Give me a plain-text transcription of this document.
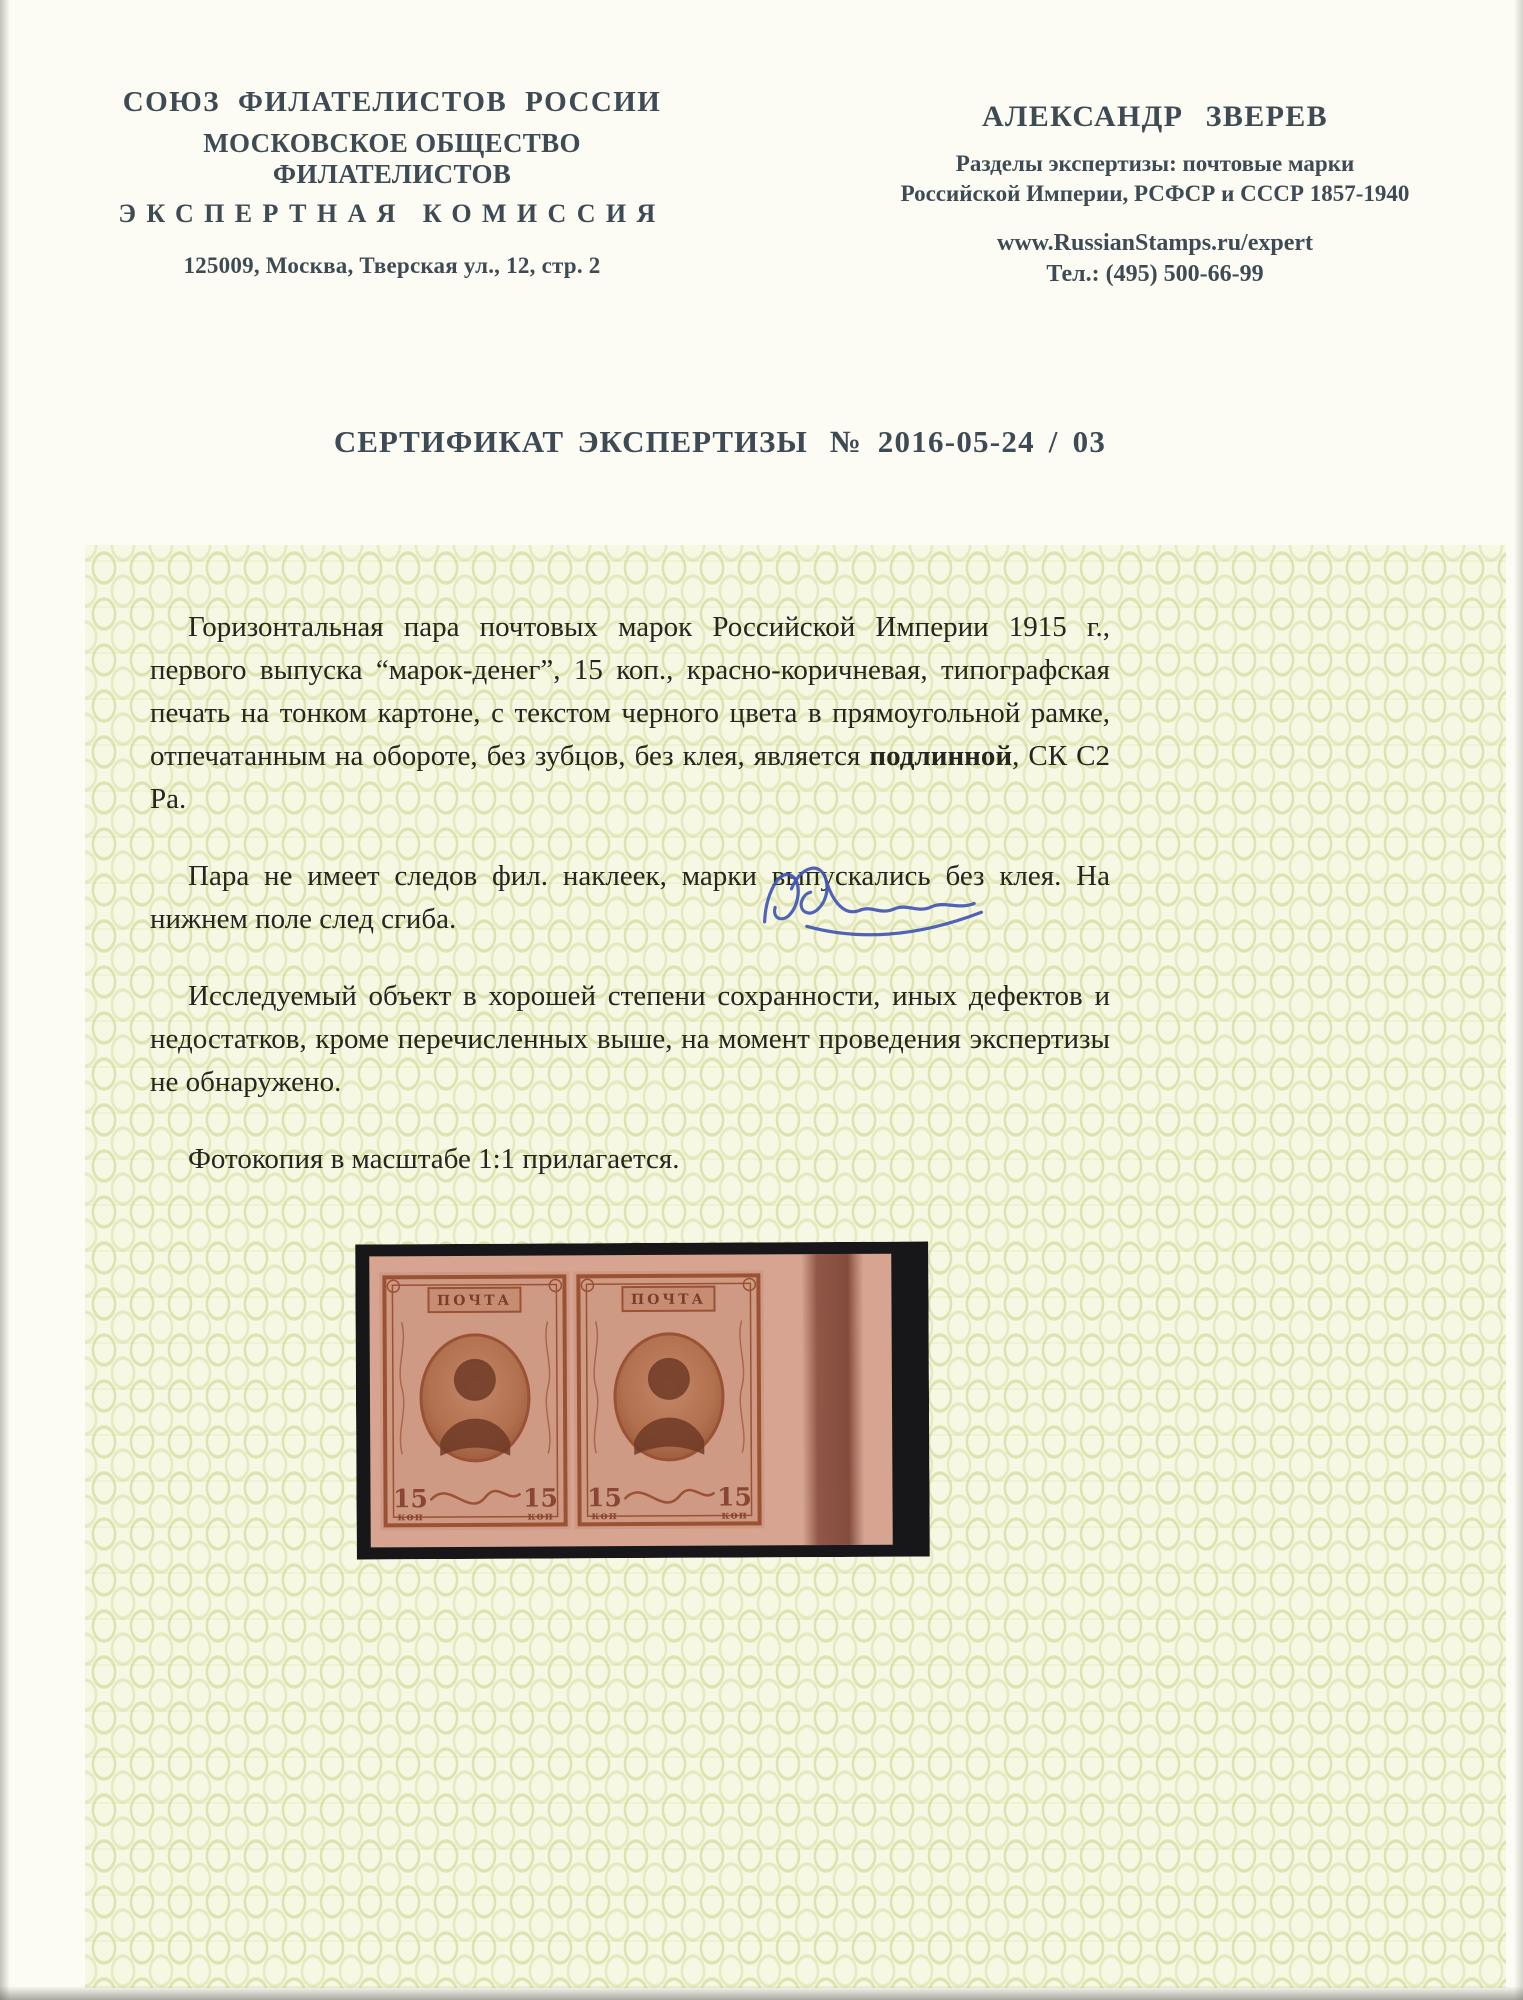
СОЮЗ ФИЛАТЕЛИСТОВ РОССИИ
МОСКОВСКОЕ ОБЩЕСТВО ФИЛАТЕЛИСТОВ
ЭКСПЕРТНАЯ КОМИССИЯ
125009, Москва, Тверская ул., 12, стр. 2
АЛЕКСАНДР ЗВЕРЕВ
Разделы экспертизы: почтовые марки
Российской Империи, РСФСР и СССР 1857-1940
www.RussianStamps.ru/expert
Тел.: (495) 500-66-99
СЕРТИФИКАТ ЭКСПЕРТИЗЫ № 2016-05-24 / 03

Горизонтальная пара почтовых марок Российской Империи 1915 г., первого выпуска “марок-денег”, 15 коп., красно-коричневая, типографская печать на тонком картоне, с текстом черного цвета в прямоугольной рамке, отпечатанным на обороте, без зубцов, без клея, является подлинной, СК С2 Ра.

Пара не имеет следов фил. наклеек, марки выпускались без клея. На нижнем поле след сгиба.

Исследуемый объект в хорошей степени сохранности, иных дефектов и недостатков, кроме перечисленных выше, на момент проведения экспертизы не обнаружено.

Фотокопия в масштабе 1:1 прилагается.

ПОЧТА
15
коп
15
коп
ПОЧТА
15
коп
15
коп
